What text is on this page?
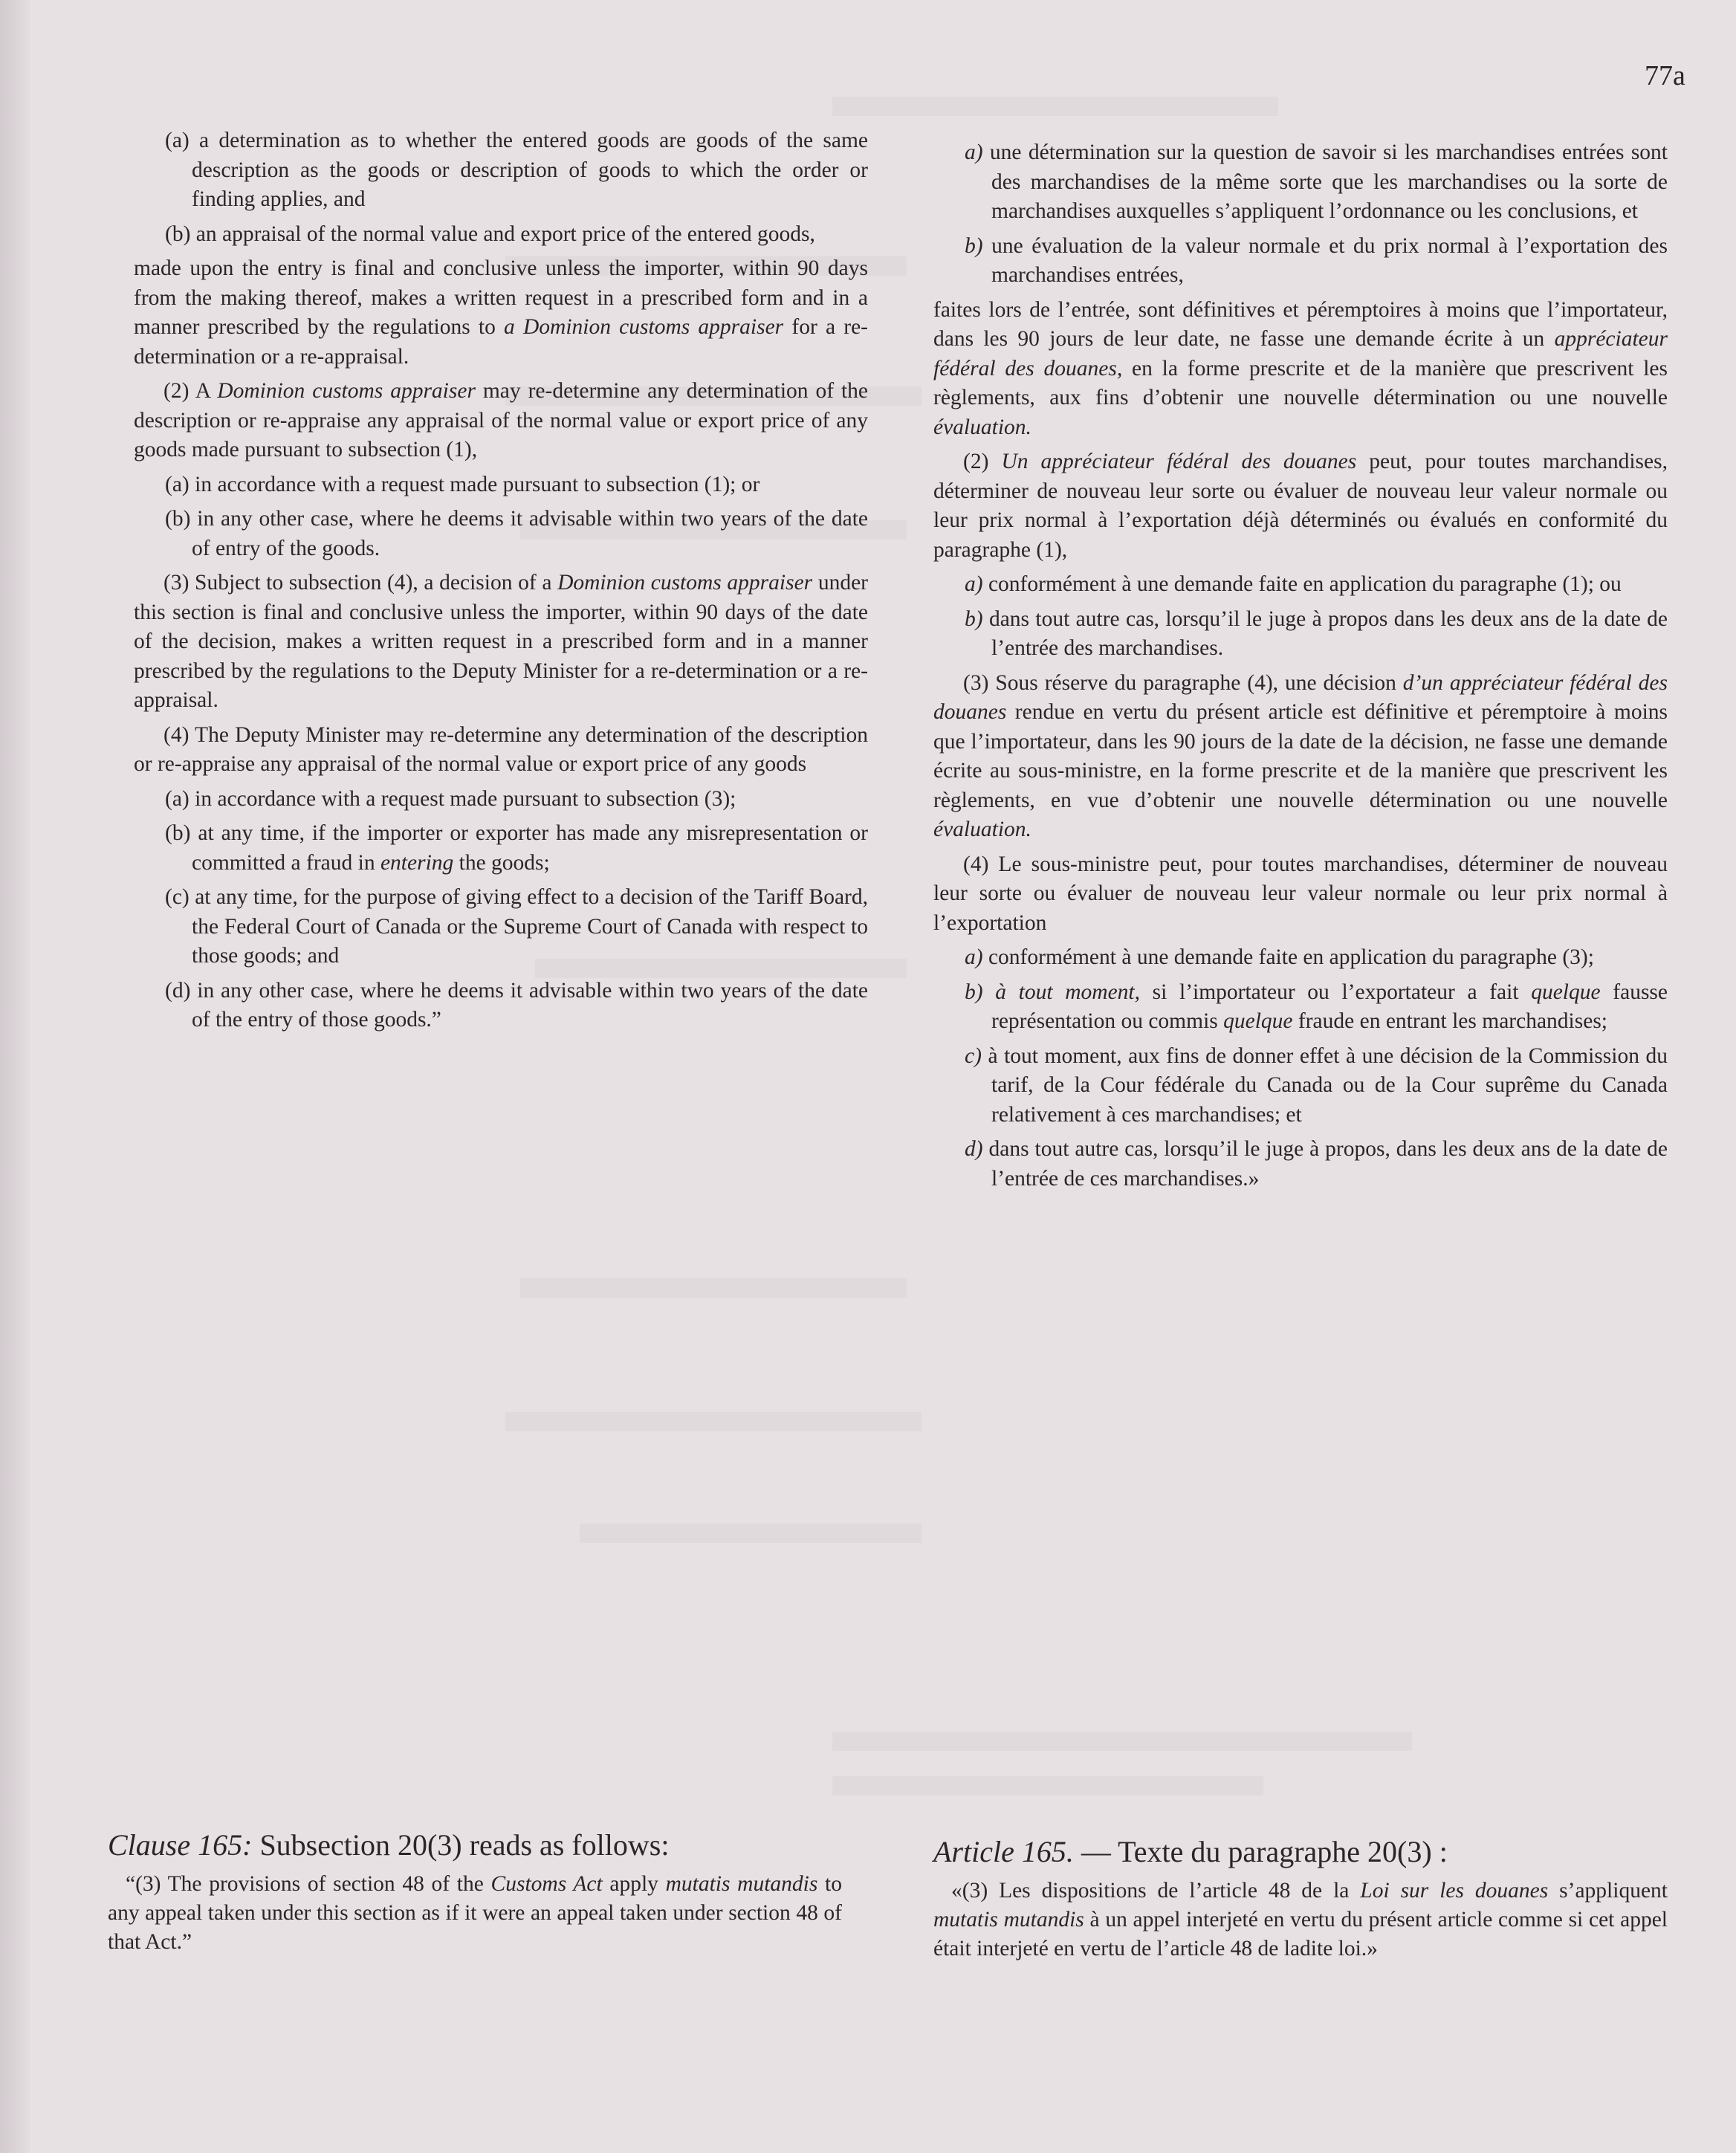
77a

(a) a determination as to whether the entered goods are goods of the same description as the goods or description of goods to which the order or finding applies, and

(b) an appraisal of the normal value and export price of the entered goods,

made upon the entry is final and conclusive unless the importer, within 90 days from the making thereof, makes a written request in a prescribed form and in a manner prescribed by the regulations to a Dominion customs appraiser for a re-determination or a re-appraisal.

(2) A Dominion customs appraiser may re-determine any determination of the description or re-appraise any appraisal of the normal value or export price of any goods made pursuant to subsection (1),

(a) in accordance with a request made pursuant to subsection (1); or

(b) in any other case, where he deems it advisable within two years of the date of entry of the goods.

(3) Subject to subsection (4), a decision of a Dominion customs appraiser under this section is final and conclusive unless the importer, within 90 days of the date of the decision, makes a written request in a prescribed form and in a manner prescribed by the regulations to the Deputy Minister for a re-determination or a re-appraisal.

(4) The Deputy Minister may re-determine any determination of the description or re-appraise any appraisal of the normal value or export price of any goods

(a) in accordance with a request made pursuant to subsection (3);

(b) at any time, if the importer or exporter has made any misrepresentation or committed a fraud in entering the goods;

(c) at any time, for the purpose of giving effect to a decision of the Tariff Board, the Federal Court of Canada or the Supreme Court of Canada with respect to those goods; and

(d) in any other case, where he deems it advisable within two years of the date of the entry of those goods.”

a) une détermination sur la question de savoir si les marchandises entrées sont des marchandises de la même sorte que les marchandises ou la sorte de marchandises auxquelles s’appliquent l’ordonnance ou les conclusions, et

b) une évaluation de la valeur normale et du prix normal à l’exportation des marchandises entrées,

faites lors de l’entrée, sont définitives et péremptoires à moins que l’importateur, dans les 90 jours de leur date, ne fasse une demande écrite à un appréciateur fédéral des douanes, en la forme prescrite et de la manière que prescrivent les règlements, aux fins d’obtenir une nouvelle détermination ou une nouvelle évaluation.

(2) Un appréciateur fédéral des douanes peut, pour toutes marchandises, déterminer de nouveau leur sorte ou évaluer de nouveau leur valeur normale ou leur prix normal à l’exportation déjà déterminés ou évalués en conformité du paragraphe (1),

a) conformément à une demande faite en application du paragraphe (1); ou

b) dans tout autre cas, lorsqu’il le juge à propos dans les deux ans de la date de l’entrée des marchandises.

(3) Sous réserve du paragraphe (4), une décision d’un appréciateur fédéral des douanes rendue en vertu du présent article est définitive et péremptoire à moins que l’importateur, dans les 90 jours de la date de la décision, ne fasse une demande écrite au sous-ministre, en la forme prescrite et de la manière que prescrivent les règlements, en vue d’obtenir une nouvelle détermination ou une nouvelle évaluation.

(4) Le sous-ministre peut, pour toutes marchandises, déterminer de nouveau leur sorte ou évaluer de nouveau leur valeur normale ou leur prix normal à l’exportation

a) conformément à une demande faite en application du paragraphe (3);

b) à tout moment, si l’importateur ou l’exportateur a fait quelque fausse représentation ou commis quelque fraude en entrant les marchandises;

c) à tout moment, aux fins de donner effet à une décision de la Commission du tarif, de la Cour fédérale du Canada ou de la Cour suprême du Canada relativement à ces marchandises; et

d) dans tout autre cas, lorsqu’il le juge à propos, dans les deux ans de la date de l’entrée de ces marchandises.»

Clause 165: Subsection 20(3) reads as follows:

“(3) The provisions of section 48 of the Customs Act apply mutatis mutandis to any appeal taken under this section as if it were an appeal taken under section 48 of that Act.”

Article 165. — Texte du paragraphe 20(3) :

«(3) Les dispositions de l’article 48 de la Loi sur les douanes s’appliquent mutatis mutandis à un appel interjeté en vertu du présent article comme si cet appel était interjeté en vertu de l’article 48 de ladite loi.»
